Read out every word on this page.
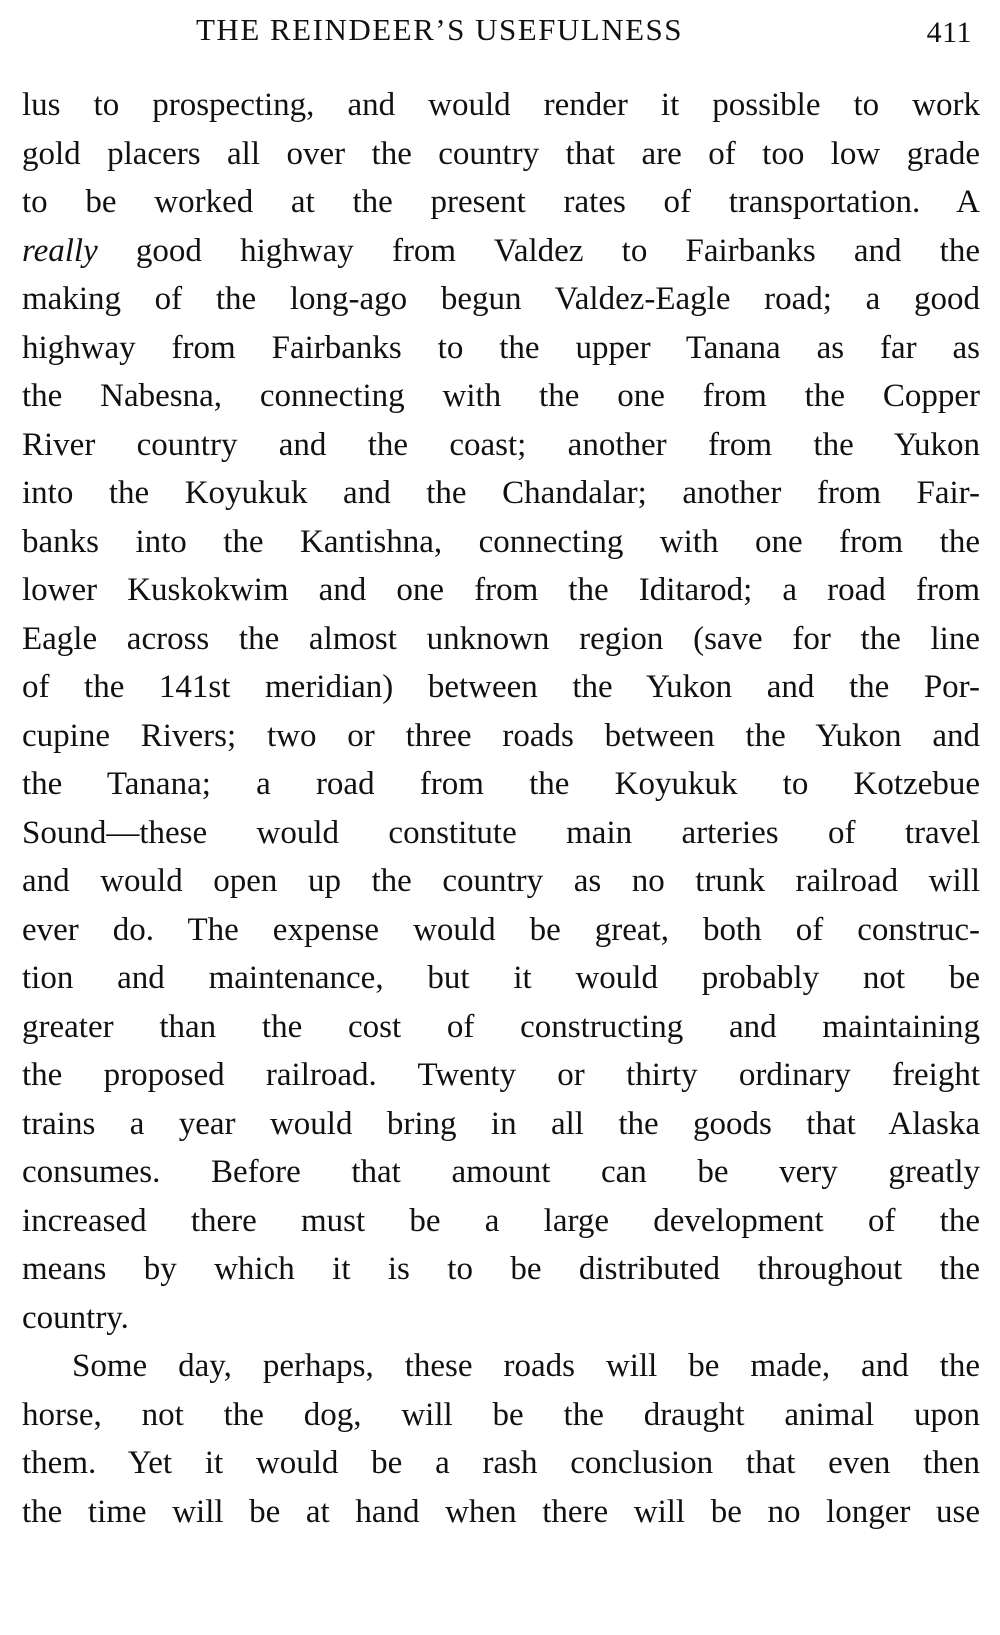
THE REINDEER’S USEFULNESS	411
lus to prospecting, and would render it possible to work
gold placers all over the country that are of too low grade
to be worked at the present rates of transportation. A
really good highway from Valdez to Fairbanks and the
making of the long-ago begun Valdez-Eagle road; a good
highway from Fairbanks to the upper Tanana as far as
the Nabesna, connecting with the one from the Copper
River country and the coast; another from the Yukon
into the Koyukuk and the Chandalar; another from Fair-
banks into the Kantishna, connecting with one from the
lower Kuskokwim and one from the Iditarod; a road from
Eagle across the almost unknown region (save for the line
of the 141st meridian) between the Yukon and the Por-
cupine Rivers; two or three roads between the Yukon and
the Tanana; a road from the Koyukuk to Kotzebue
Sound—these would constitute main arteries of travel
and would open up the country as no trunk railroad will
ever do. The expense would be great, both of construc-
tion and maintenance, but it would probably not be
greater than the cost of constructing and maintaining
the proposed railroad. Twenty or thirty ordinary freight
trains a year would bring in all the goods that Alaska
consumes. Before that amount can be very greatly
increased there must be a large development of the
means by which it is to be distributed throughout the
country.
Some day, perhaps, these roads will be made, and the
horse, not the dog, will be the draught animal upon
them. Yet it would be a rash conclusion that even then
the time will be at hand when there will be no longer use
